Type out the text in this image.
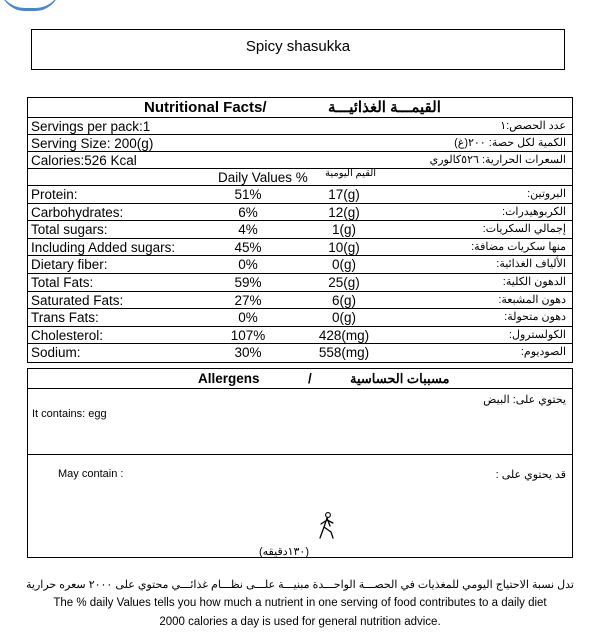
Spicy shasukka
Nutritional Facts/	القيمـــة الغذائيـــة
Servings per pack:1	عدد الحصص:١
Serving Size: 200(g)	الكمية لكل حصة: ٢٠٠(غ)
Calories:526 Kcal	السعرات الحرارية: ٥٢٦كالوري
Daily Values % القيم اليومية
Protein:	51%	17(g)	البروتين:
Carbohydrates:	6%	12(g)	الكربوهيدرات:
Total sugars:	4%	1(g)	إجمالي السكريات:
Including Added sugars:	45%	10(g)	منها سكريات مضافة:
Dietary fiber:	0%	0(g)	الألياف الغذائية:
Total Fats:	59%	25(g)	الدهون الكلية:
Saturated Fats:	27%	6(g)	دهون المشبعة:
Trans Fats:	0%	0(g)	دهون متحولة:
Cholesterol:	107%	428(mg)	الكولسترول:
Sodium:	30%	558(mg)	الصوديوم:
Allergens	/	مسببات الحساسية
It contains: egg
يحتوي على: البيض
May contain :	قد يحتوي على :
(١٣٠دقيقه)
تدل نسبة الاحتياج اليومي للمغذيات في الحصـــة الواحـــدة مبنيـــة علـــى نظـــام غذائـــي محتوي على ٢٠٠٠ سعره حرارية
The % daily Values tells you how much a nutrient in one serving of food contributes to a daily diet
2000 calories a day is used for general nutrition advice.
